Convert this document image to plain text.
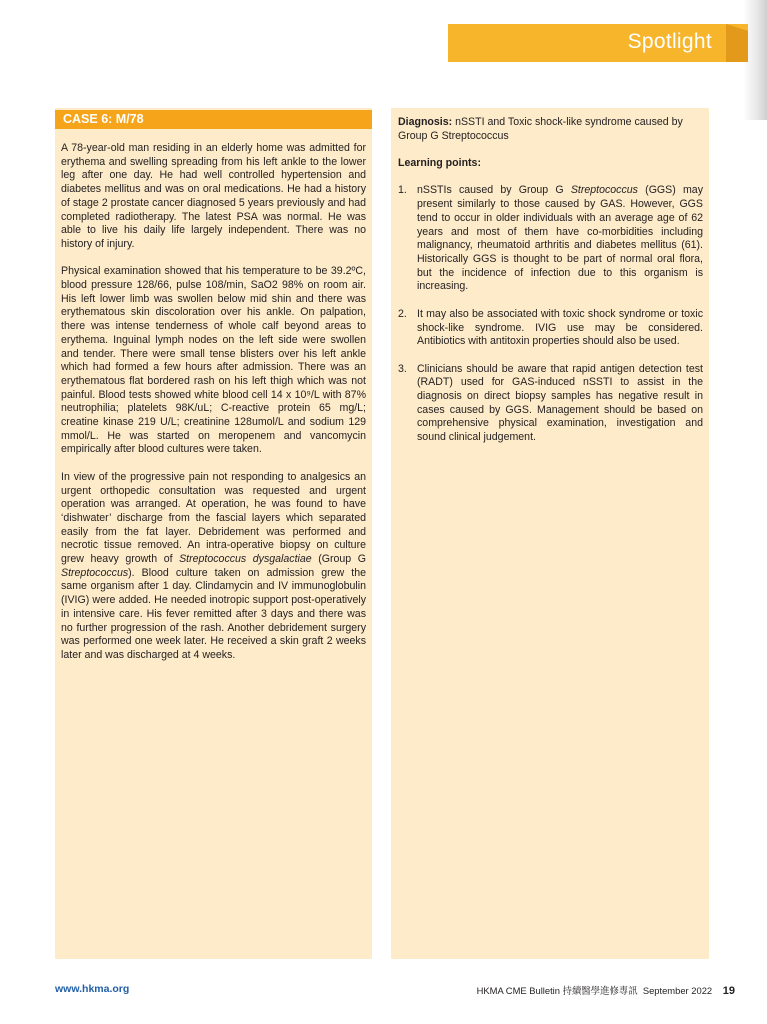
Spotlight
CASE 6: M/78

A 78-year-old man residing in an elderly home was admitted for erythema and swelling spreading from his left ankle to the lower leg after one day. He had well controlled hypertension and diabetes mellitus and was on oral medications. He had a history of stage 2 prostate cancer diagnosed 5 years previously and had completed radiotherapy. The latest PSA was normal. He was able to live his daily life largely independent. There was no history of injury.

Physical examination showed that his temperature to be 39.2ºC, blood pressure 128/66, pulse 108/min, SaO2 98% on room air. His left lower limb was swollen below mid shin and there was erythematous skin discoloration over his ankle. On palpation, there was intense tenderness of whole calf beyond areas to erythema. Inguinal lymph nodes on the left side were swollen and tender. There were small tense blisters over his left ankle which had formed a few hours after admission. There was an erythematous flat bordered rash on his left thigh which was not painful. Blood tests showed white blood cell 14 x 10⁹/L with 87% neutrophilia; platelets 98K/uL; C-reactive protein 65 mg/L; creatine kinase 219 U/L; creatinine 128umol/L and sodium 129 mmol/L. He was started on meropenem and vancomycin empirically after blood cultures were taken.

In view of the progressive pain not responding to analgesics an urgent orthopedic consultation was requested and urgent operation was arranged. At operation, he was found to have ‘dishwater’ discharge from the fascial layers which separated easily from the fat layer. Debridement was performed and necrotic tissue removed. An intra-operative biopsy on culture grew heavy growth of Streptococcus dysgalactiae (Group G Streptococcus). Blood culture taken on admission grew the same organism after 1 day. Clindamycin and IV immunoglobulin (IVIG) were added. He needed inotropic support post-operatively in intensive care. His fever remitted after 3 days and there was no further progression of the rash. Another debridement surgery was performed one week later. He received a skin graft 2 weeks later and was discharged at 4 weeks.

Diagnosis: nSSTI and Toxic shock-like syndrome caused by Group G Streptococcus
Learning points:
1. nSSTIs caused by Group G Streptococcus (GGS) may present similarly to those caused by GAS. However, GGS tend to occur in older individuals with an average age of 62 years and most of them have co-morbidities including malignancy, rheumatoid arthritis and diabetes mellitus (61). Historically GGS is thought to be part of normal oral flora, but the incidence of infection due to this organism is increasing.
2. It may also be associated with toxic shock syndrome or toxic shock-like syndrome. IVIG use may be considered. Antibiotics with antitoxin properties should also be used.
3. Clinicians should be aware that rapid antigen detection test (RADT) used for GAS-induced nSSTI to assist in the diagnosis on direct biopsy samples has negative result in cases caused by GGS. Management should be based on comprehensive physical examination, investigation and sound clinical judgement.
www.hkma.org	HKMA CME Bulletin 持續醫學進修專訊 September 2022 19
